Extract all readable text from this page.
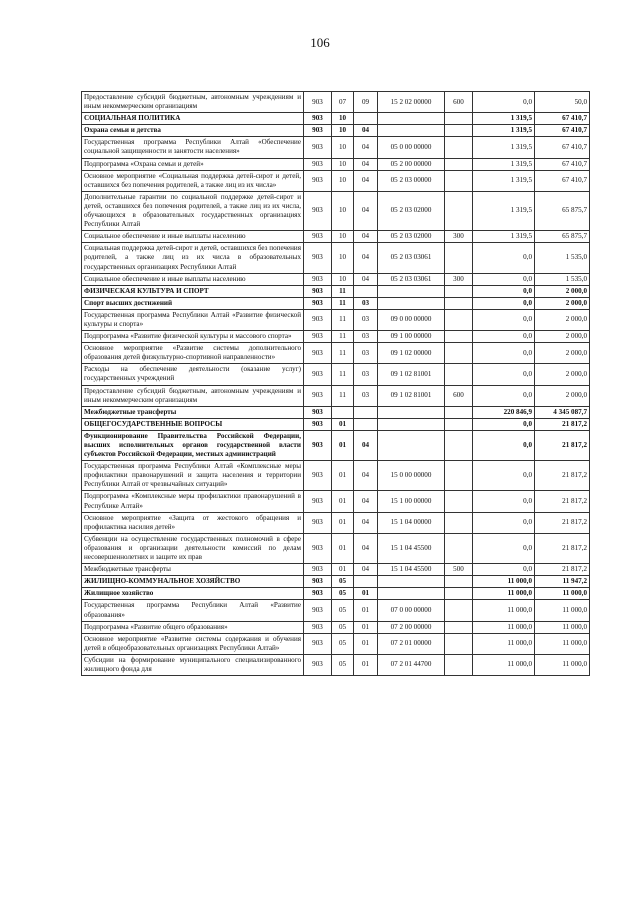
106
Предоставление субсидий бюджетным, автономным учреждениям и иным некоммерческим организациям	903	07	09	15 2 02 00000	600	0,0	50,0
СОЦИАЛЬНАЯ ПОЛИТИКА	903	10				1 319,5	67 410,7
Охрана семьи и детства	903	10	04			1 319,5	67 410,7
Государственная программа Республики Алтай «Обеспечение социальной защищенности и занятости населения»	903	10	04	05 0 00 00000		1 319,5	67 410,7
Подпрограмма «Охрана семьи и детей»	903	10	04	05 2 00 00000		1 319,5	67 410,7
Основное мероприятие «Социальная поддержка детей-сирот и детей, оставшихся без попечения родителей, а также лиц из их числа»	903	10	04	05 2 03 00000		1 319,5	67 410,7
Дополнительные гарантии по социальной поддержке детей-сирот и детей, оставшихся без попечения родителей, а также лиц из их числа, обучающихся в образовательных государственных организациях Республики Алтай	903	10	04	05 2 03 02000		1 319,5	65 875,7
Социальное обеспечение и иные выплаты населению	903	10	04	05 2 03 02000	300	1 319,5	65 875,7
Социальная поддержка детей-сирот и детей, оставшихся без попечения родителей, а также лиц из их числа в образовательных государственных организациях Республики Алтай	903	10	04	05 2 03 03061		0,0	1 535,0
Социальное обеспечение и иные выплаты населению	903	10	04	05 2 03 03061	300	0,0	1 535,0
ФИЗИЧЕСКАЯ КУЛЬТУРА И СПОРТ	903	11				0,0	2 000,0
Спорт высших достижений	903	11	03			0,0	2 000,0
Государственная программа Республики Алтай «Развитие физической культуры и спорта»	903	11	03	09 0 00 00000		0,0	2 000,0
Подпрограмма «Развитие физической культуры и массового спорта»	903	11	03	09 1 00 00000		0,0	2 000,0
Основное мероприятие «Развитие системы дополнительного образования детей физкультурно-спортивной направленности»	903	11	03	09 1 02 00000		0,0	2 000,0
Расходы на обеспечение деятельности (оказание услуг) государственных учреждений	903	11	03	09 1 02 81001		0,0	2 000,0
Предоставление субсидий бюджетным, автономным учреждениям и иным некоммерческим организациям	903	11	03	09 1 02 81001	600	0,0	2 000,0
Межбюджетные трансферты	903					220 846,9	4 345 087,7
ОБЩЕГОСУДАРСТВЕННЫЕ ВОПРОСЫ	903	01				0,0	21 817,2
Функционирование Правительства Российской Федерации, высших исполнительных органов государственной власти субъектов Российской Федерации, местных администраций	903	01	04			0,0	21 817,2
Государственная программа Республики Алтай «Комплексные меры профилактики правонарушений и защита населения и территории Республики Алтай от чрезвычайных ситуаций»	903	01	04	15 0 00 00000		0,0	21 817,2
Подпрограмма «Комплексные меры профилактики правонарушений в Республике Алтай»	903	01	04	15 1 00 00000		0,0	21 817,2
Основное мероприятие «Защита от жестокого обращения и профилактика насилия детей»	903	01	04	15 1 04 00000		0,0	21 817,2
Субвенции на осуществление государственных полномочий в сфере образования и организации деятельности комиссий по делам несовершеннолетних и защите их прав	903	01	04	15 1 04 45500		0,0	21 817,2
Межбюджетные трансферты	903	01	04	15 1 04 45500	500	0,0	21 817,2
ЖИЛИЩНО-КОММУНАЛЬНОЕ ХОЗЯЙСТВО	903	05				11 000,0	11 947,2
Жилищное хозяйство	903	05	01			11 000,0	11 000,0
Государственная программа Республики Алтай «Развитие образования»	903	05	01	07 0 00 00000		11 000,0	11 000,0
Подпрограмма «Развитие общего образования»	903	05	01	07 2 00 00000		11 000,0	11 000,0
Основное мероприятие «Развитие системы содержания и обучения детей в общеобразовательных организациях Республики Алтай»	903	05	01	07 2 01 00000		11 000,0	11 000,0
Субсидии на формирование муниципального специализированного жилищного фонда для	903	05	01	07 2 01 44700		11 000,0	11 000,0
